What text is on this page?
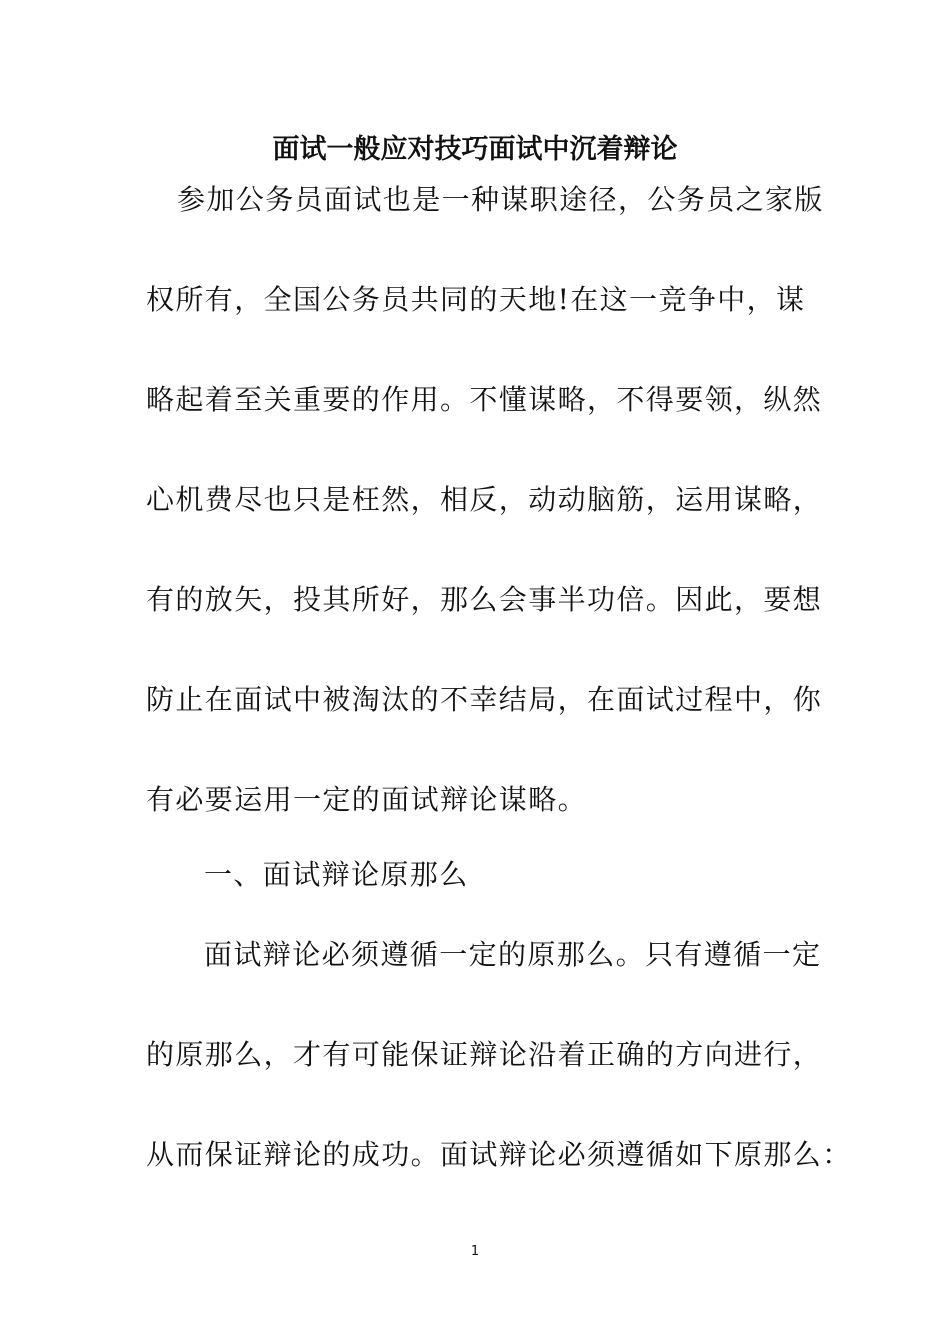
面试一般应对技巧面试中沉着辩论
参加公务员面试也是一种谋职途径，公务员之家版
权所有，全国公务员共同的天地!在这一竞争中，谋
略起着至关重要的作用。不懂谋略，不得要领，纵然
心机费尽也只是枉然，相反，动动脑筋，运用谋略，
有的放矢，投其所好，那么会事半功倍。因此，要想
防止在面试中被淘汰的不幸结局，在面试过程中，你
有必要运用一定的面试辩论谋略。
一、面试辩论原那么
面试辩论必须遵循一定的原那么。只有遵循一定
的原那么，才有可能保证辩论沿着正确的方向进行，
从而保证辩论的成功。面试辩论必须遵循如下原那么：
1
